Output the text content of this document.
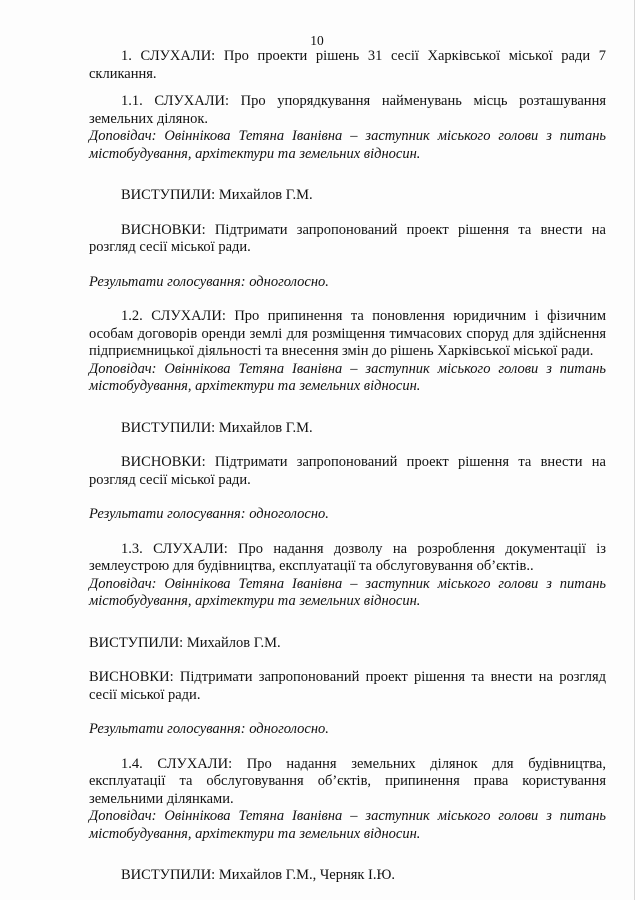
10

1. СЛУХАЛИ: Про проекти рішень 31 сесії Харківської міської ради 7 скликання.

1.1. СЛУХАЛИ: Про упорядкування найменувань місць розташування земельних ділянок.

Доповідач: Овіннікова Тетяна Іванівна – заступник міського голови з питань містобудування, архітектури та земельних відносин.

ВИСТУПИЛИ: Михайлов Г.М.

ВИСНОВКИ: Підтримати запропонований проект рішення та внести на розгляд сесії міської ради.

Результати голосування: одноголосно.

1.2. СЛУХАЛИ: Про припинення та поновлення юридичним і фізичним особам договорів оренди землі для розміщення тимчасових споруд для здійснення підприємницької діяльності та внесення змін до рішень Харківської міської ради.

Доповідач: Овіннікова Тетяна Іванівна – заступник міського голови з питань містобудування, архітектури та земельних відносин.

ВИСТУПИЛИ: Михайлов Г.М.

ВИСНОВКИ: Підтримати запропонований проект рішення та внести на розгляд сесії міської ради.

Результати голосування: одноголосно.

1.3. СЛУХАЛИ: Про надання дозволу на розроблення документації із землеустрою для будівництва, експлуатації та обслуговування об’єктів..

Доповідач: Овіннікова Тетяна Іванівна – заступник міського голови з питань містобудування, архітектури та земельних відносин.

ВИСТУПИЛИ: Михайлов Г.М.

ВИСНОВКИ: Підтримати запропонований проект рішення та внести на розгляд сесії міської ради.

Результати голосування: одноголосно.

1.4. СЛУХАЛИ: Про надання земельних ділянок для будівництва, експлуатації та обслуговування об’єктів, припинення права користування земельними ділянками.

Доповідач: Овіннікова Тетяна Іванівна – заступник міського голови з питань містобудування, архітектури та земельних відносин.

ВИСТУПИЛИ: Михайлов Г.М., Черняк І.Ю.
